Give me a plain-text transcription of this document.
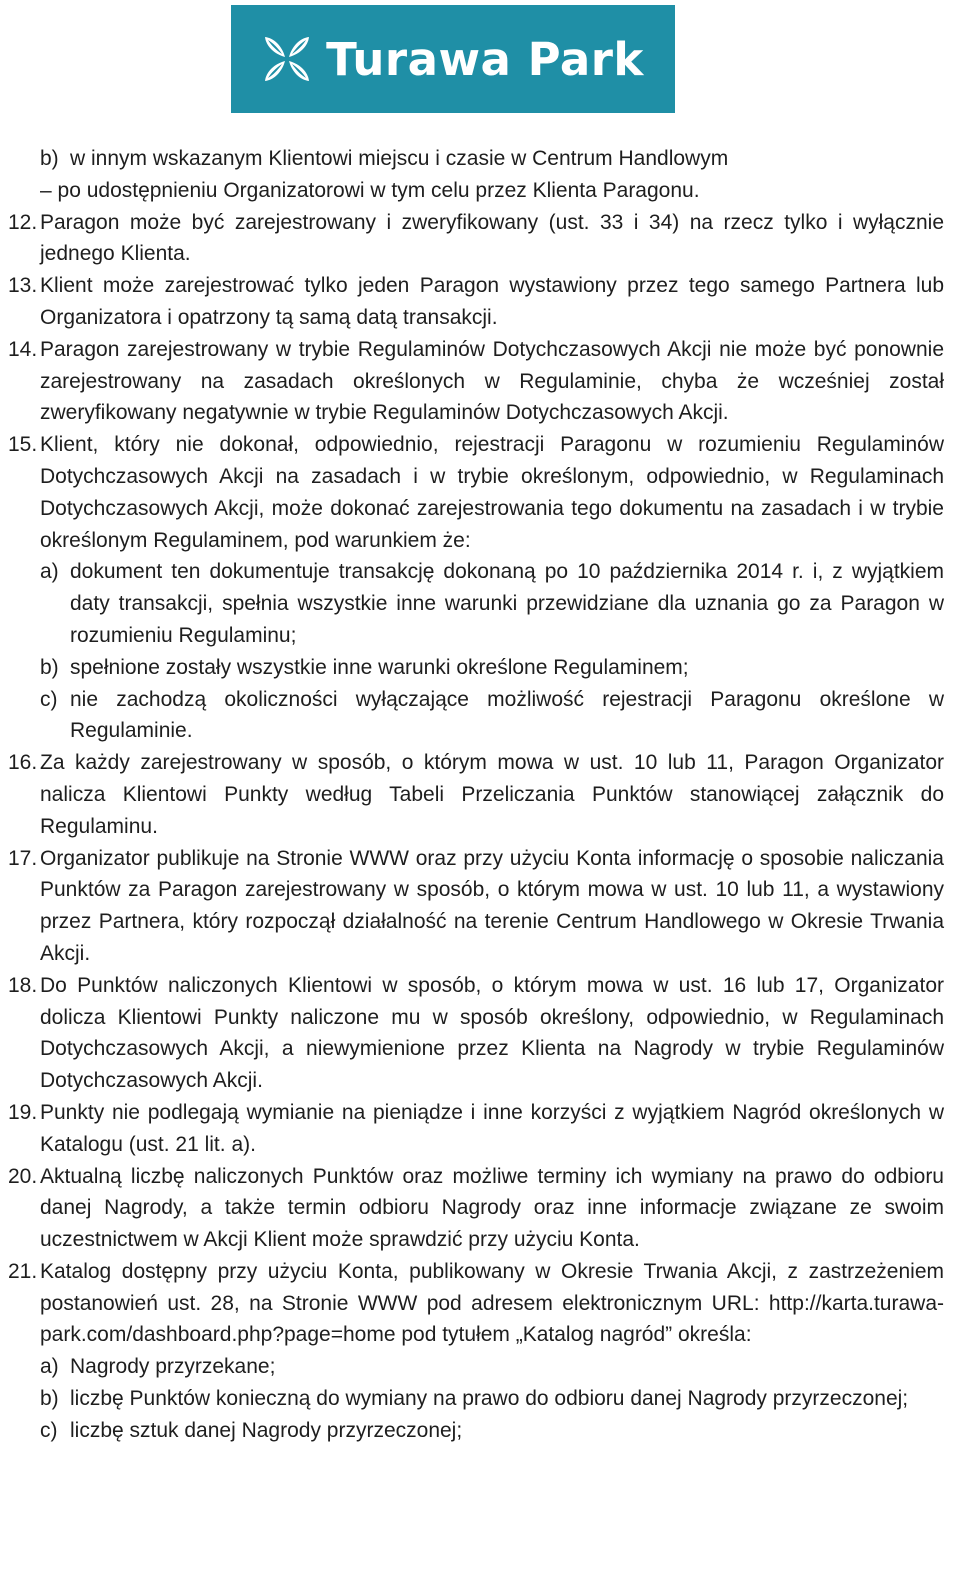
Turawa Park
b) w innym wskazanym Klientowi miejscu i czasie w Centrum Handlowym
– po udostępnieniu Organizatorowi w tym celu przez Klienta Paragonu.
12. Paragon może być zarejestrowany i zweryfikowany (ust. 33 i 34) na rzecz tylko i wyłącznie jednego Klienta.
13. Klient może zarejestrować tylko jeden Paragon wystawiony przez tego samego Partnera lub Organizatora i opatrzony tą samą datą transakcji.
14. Paragon zarejestrowany w trybie Regulaminów Dotychczasowych Akcji nie może być ponownie zarejestrowany na zasadach określonych w Regulaminie, chyba że wcześniej został zweryfikowany negatywnie w trybie Regulaminów Dotychczasowych Akcji.
15. Klient, który nie dokonał, odpowiednio, rejestracji Paragonu w rozumieniu Regulaminów Dotychczasowych Akcji na zasadach i w trybie określonym, odpowiednio, w Regulaminach Dotychczasowych Akcji, może dokonać zarejestrowania tego dokumentu na zasadach i w trybie określonym Regulaminem, pod warunkiem że:
a) dokument ten dokumentuje transakcję dokonaną po 10 października 2014 r. i, z wyjątkiem daty transakcji, spełnia wszystkie inne warunki przewidziane dla uznania go za Paragon w rozumieniu Regulaminu;
b) spełnione zostały wszystkie inne warunki określone Regulaminem;
c) nie zachodzą okoliczności wyłączające możliwość rejestracji Paragonu określone w Regulaminie.
16. Za każdy zarejestrowany w sposób, o którym mowa w ust. 10 lub 11, Paragon Organizator nalicza Klientowi Punkty według Tabeli Przeliczania Punktów stanowiącej załącznik do Regulaminu.
17. Organizator publikuje na Stronie WWW oraz przy użyciu Konta informację o sposobie naliczania Punktów za Paragon zarejestrowany w sposób, o którym mowa w ust. 10 lub 11, a wystawiony przez Partnera, który rozpoczął działalność na terenie Centrum Handlowego w Okresie Trwania Akcji.
18. Do Punktów naliczonych Klientowi w sposób, o którym mowa w ust. 16 lub 17, Organizator dolicza Klientowi Punkty naliczone mu w sposób określony, odpowiednio, w Regulaminach Dotychczasowych Akcji, a niewymienione przez Klienta na Nagrody w trybie Regulaminów Dotychczasowych Akcji.
19. Punkty nie podlegają wymianie na pieniądze i inne korzyści z wyjątkiem Nagród określonych w Katalogu (ust. 21 lit. a).
20. Aktualną liczbę naliczonych Punktów oraz możliwe terminy ich wymiany na prawo do odbioru danej Nagrody, a także termin odbioru Nagrody oraz inne informacje związane ze swoim uczestnictwem w Akcji Klient może sprawdzić przy użyciu Konta.
21. Katalog dostępny przy użyciu Konta, publikowany w Okresie Trwania Akcji, z zastrzeżeniem postanowień ust. 28, na Stronie WWW pod adresem elektronicznym URL: http://karta.turawa-park.com/dashboard.php?page=home pod tytułem „Katalog nagród” określa:
a) Nagrody przyrzekane;
b) liczbę Punktów konieczną do wymiany na prawo do odbioru danej Nagrody przyrzeczonej;
c) liczbę sztuk danej Nagrody przyrzeczonej;
